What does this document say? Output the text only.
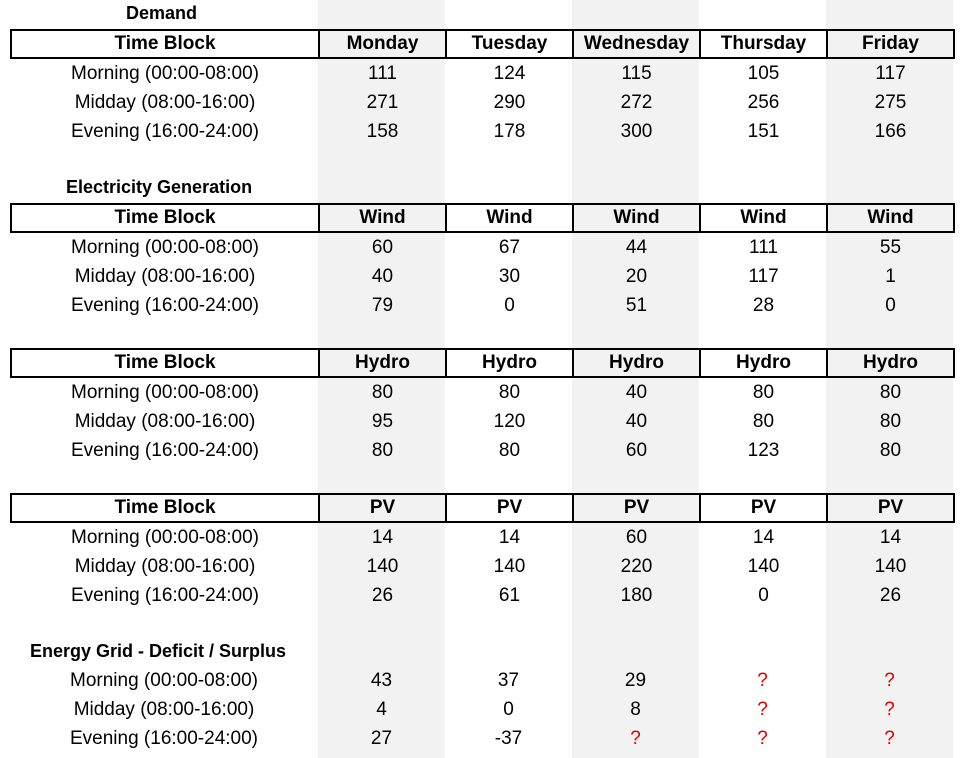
Demand
Time Block	Monday	Tuesday	Wednesday	Thursday	Friday
Morning (00:00-08:00)	111	124	115	105	117
Midday (08:00-16:00)	271	290	272	256	275
Evening (16:00-24:00)	158	178	300	151	166
Electricity Generation
Time Block	Wind	Wind	Wind	Wind	Wind
Morning (00:00-08:00)	60	67	44	111	55
Midday (08:00-16:00)	40	30	20	117	1
Evening (16:00-24:00)	79	0	51	28	0
Time Block	Hydro	Hydro	Hydro	Hydro	Hydro
Morning (00:00-08:00)	80	80	40	80	80
Midday (08:00-16:00)	95	120	40	80	80
Evening (16:00-24:00)	80	80	60	123	80
Time Block	PV	PV	PV	PV	PV
Morning (00:00-08:00)	14	14	60	14	14
Midday (08:00-16:00)	140	140	220	140	140
Evening (16:00-24:00)	26	61	180	0	26
Energy Grid - Deficit / Surplus
Morning (00:00-08:00)	43	37	29	?	?
Midday (08:00-16:00)	4	0	8	?	?
Evening (16:00-24:00)	27	-37	?	?	?
